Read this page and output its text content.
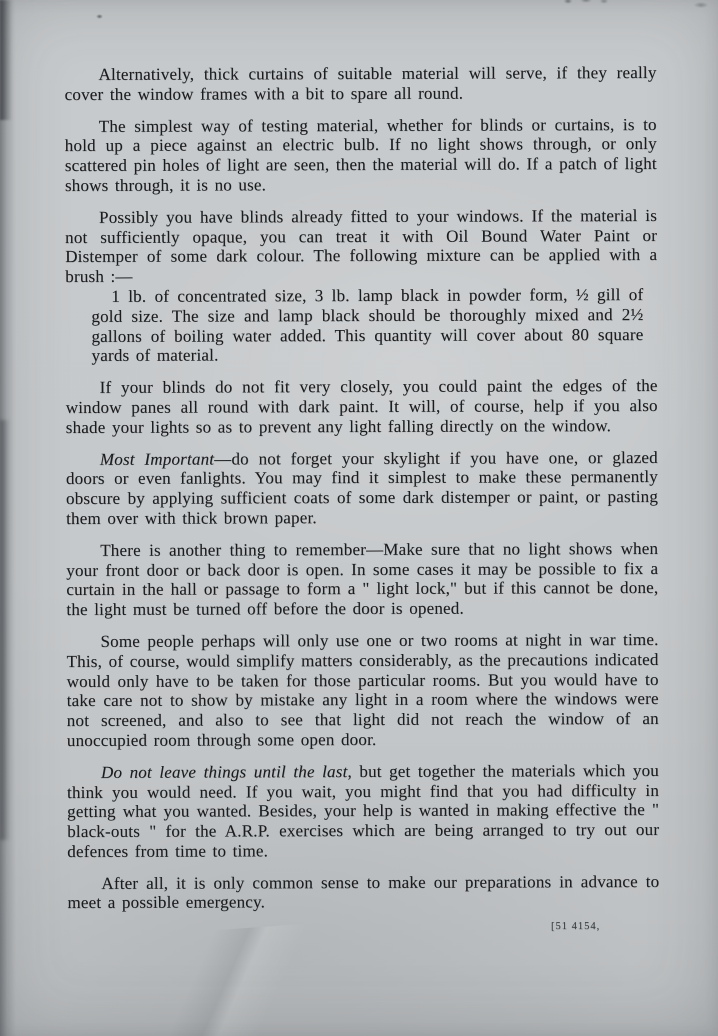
Alternatively, thick curtains of suitable material will serve, if they really cover the window frames with a bit to spare all round.

The simplest way of testing material, whether for blinds or curtains, is to hold up a piece against an electric bulb. If no light shows through, or only scattered pin holes of light are seen, then the material will do. If a patch of light shows through, it is no use.

Possibly you have blinds already fitted to your windows. If the material is not sufficiently opaque, you can treat it with Oil Bound Water Paint or Distemper of some dark colour. The following mixture can be applied with a brush :—

1 lb. of concentrated size, 3 lb. lamp black in powder form, ½ gill of gold size. The size and lamp black should be thoroughly mixed and 2½ gallons of boiling water added. This quantity will cover about 80 square yards of material.

If your blinds do not fit very closely, you could paint the edges of the window panes all round with dark paint. It will, of course, help if you also shade your lights so as to prevent any light falling directly on the window.

Most Important—do not forget your skylight if you have one, or glazed doors or even fanlights. You may find it simplest to make these permanently obscure by applying sufficient coats of some dark distemper or paint, or pasting them over with thick brown paper.

There is another thing to remember—Make sure that no light shows when your front door or back door is open. In some cases it may be possible to fix a curtain in the hall or passage to form a " light lock," but if this cannot be done, the light must be turned off before the door is opened.

Some people perhaps will only use one or two rooms at night in war time. This, of course, would simplify matters considerably, as the precautions indicated would only have to be taken for those particular rooms. But you would have to take care not to show by mistake any light in a room where the windows were not screened, and also to see that light did not reach the window of an unoccupied room through some open door.

Do not leave things until the last, but get together the materials which you think you would need. If you wait, you might find that you had difficulty in getting what you wanted. Besides, your help is wanted in making effective the " black-outs " for the A.R.P. exercises which are being arranged to try out our defences from time to time.

After all, it is only common sense to make our preparations in advance to meet a possible emergency.

[51 4154,
